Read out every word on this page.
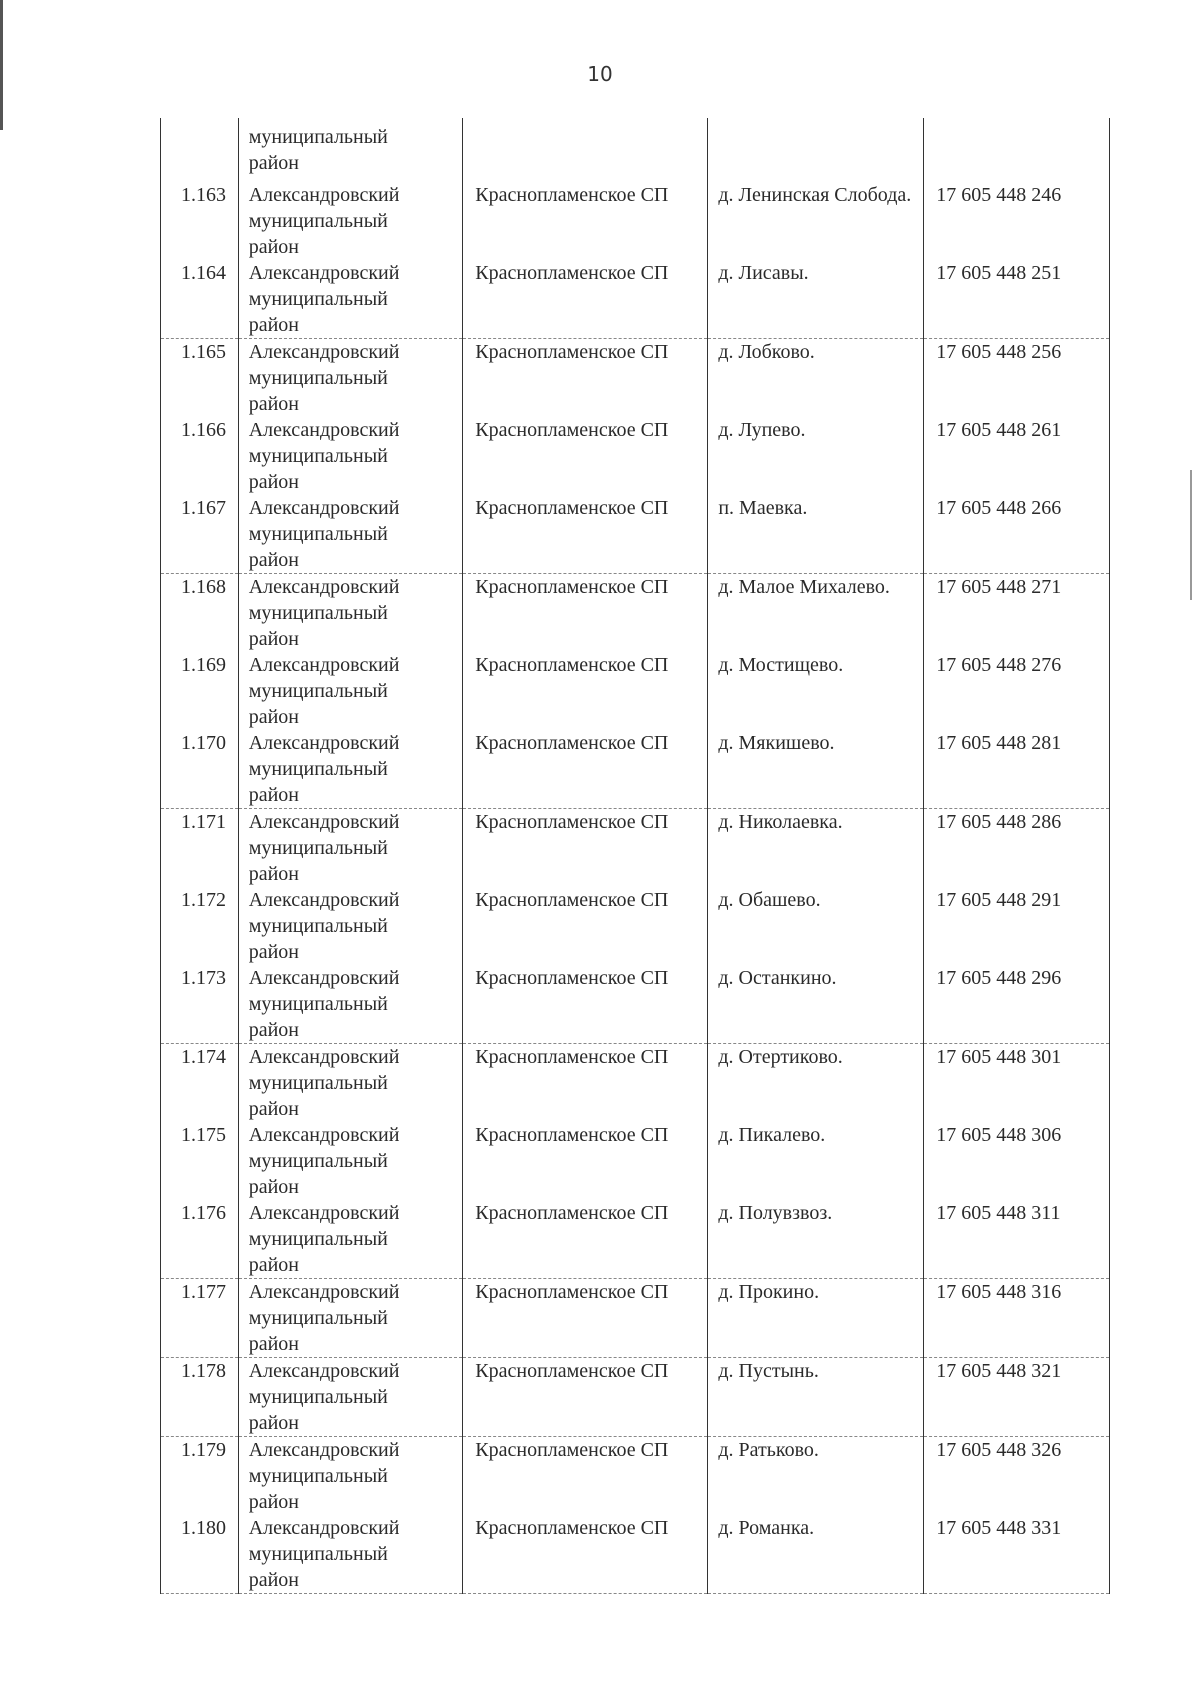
10

	муниципальный
район			

1.163	Александровский
муниципальный
район	Краснопламенское СП	д. Ленинская Слобода.	17 605 448 246
1.164	Александровский
муниципальный
район	Краснопламенское СП	д. Лисавы.	17 605 448 251
1.165	Александровский
муниципальный
район	Краснопламенское СП	д. Лобково.	17 605 448 256
1.166	Александровский
муниципальный
район	Краснопламенское СП	д. Лупево.	17 605 448 261
1.167	Александровский
муниципальный
район	Краснопламенское СП	п. Маевка.	17 605 448 266
1.168	Александровский
муниципальный
район	Краснопламенское СП	д. Малое Михалево.	17 605 448 271
1.169	Александровский
муниципальный
район	Краснопламенское СП	д. Мостищево.	17 605 448 276
1.170	Александровский
муниципальный
район	Краснопламенское СП	д. Мякишево.	17 605 448 281
1.171	Александровский
муниципальный
район	Краснопламенское СП	д. Николаевка.	17 605 448 286
1.172	Александровский
муниципальный
район	Краснопламенское СП	д. Обашево.	17 605 448 291
1.173	Александровский
муниципальный
район	Краснопламенское СП	д. Останкино.	17 605 448 296
1.174	Александровский
муниципальный
район	Краснопламенское СП	д. Отертиково.	17 605 448 301
1.175	Александровский
муниципальный
район	Краснопламенское СП	д. Пикалево.	17 605 448 306
1.176	Александровский
муниципальный
район	Краснопламенское СП	д. Полувзвоз.	17 605 448 311
1.177	Александровский
муниципальный
район	Краснопламенское СП	д. Прокино.	17 605 448 316
1.178	Александровский
муниципальный
район	Краснопламенское СП	д. Пустынь.	17 605 448 321
1.179	Александровский
муниципальный
район	Краснопламенское СП	д. Ратьково.	17 605 448 326
1.180	Александровский
муниципальный
район	Краснопламенское СП	д. Романка.	17 605 448 331
